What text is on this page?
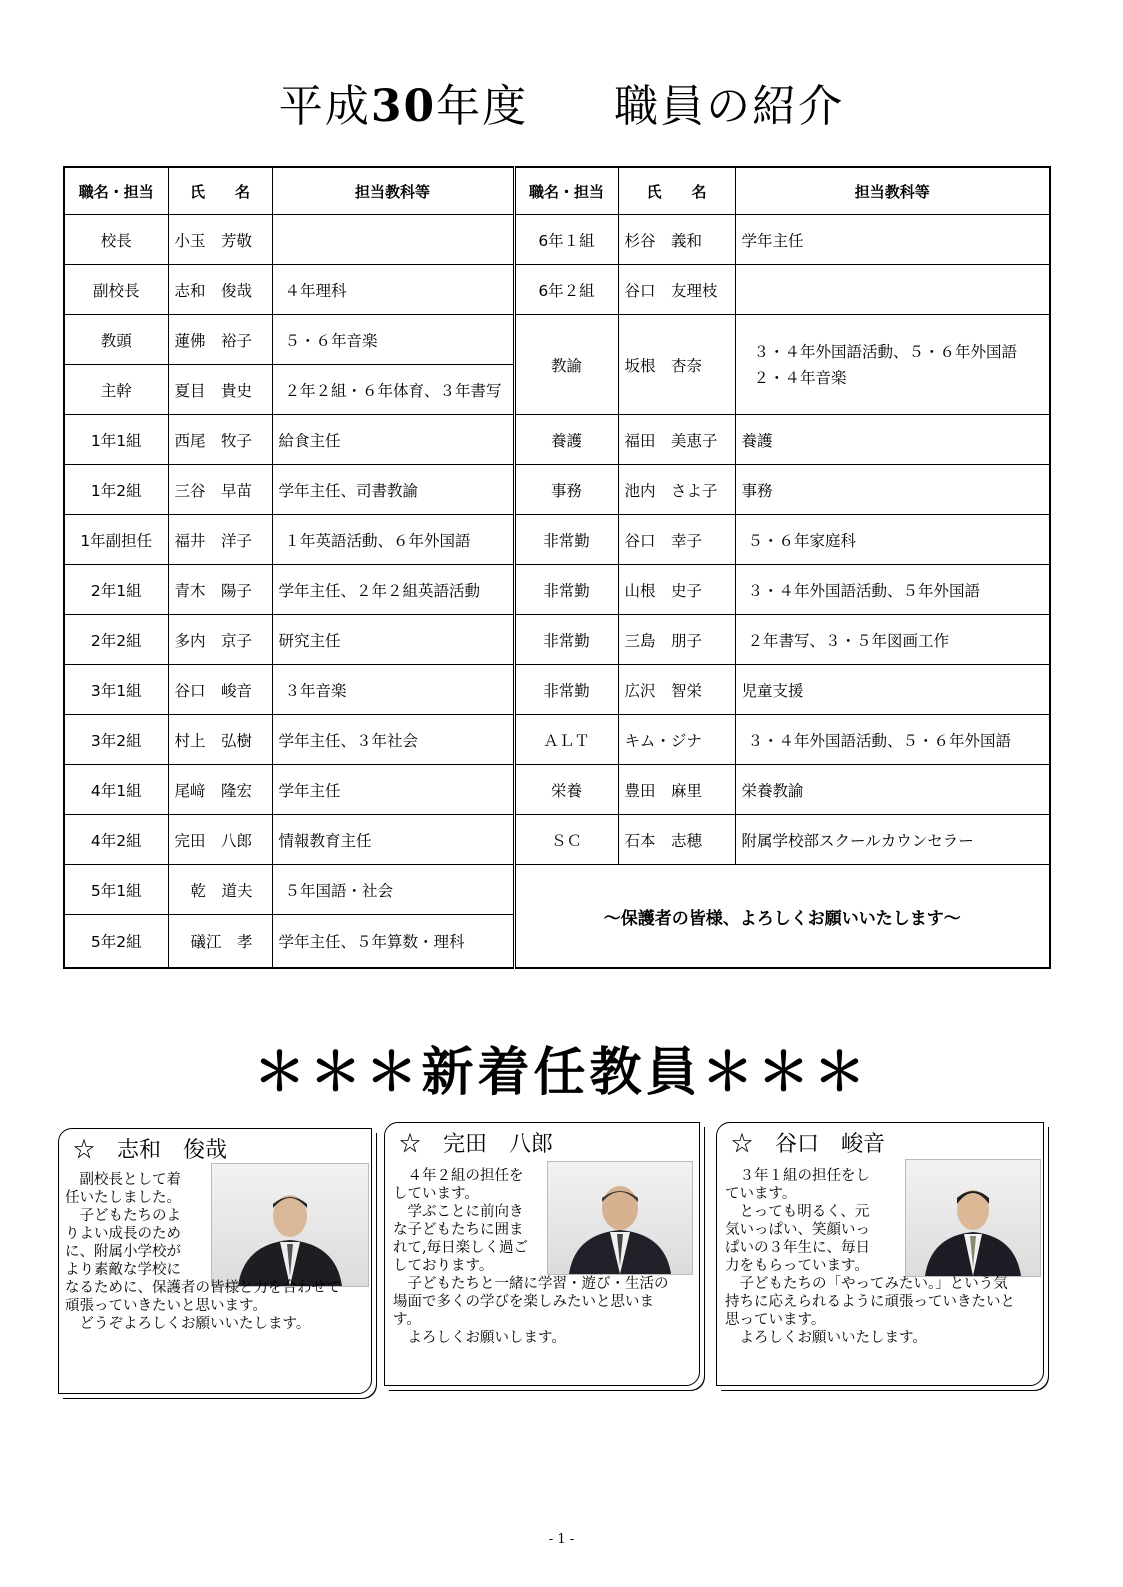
平成30年度 職員の紹介
職名・担当	氏　　名	担当教科等	職名・担当	氏　　名	担当教科等
校長	小玉　芳敬		6年１組	杉谷　義和	学年主任
副校長	志和　俊哉	４年理科	6年２組	谷口　友理枝	
教頭	蓮佛　裕子	５・６年音楽	教諭	坂根　杏奈	３・４年外国語活動、５・６年外国語
２・４年音楽

主幹	夏目　貴史	２年２組・６年体育、３年書写			
1年1組	西尾　牧子	給食主任	養護	福田　美恵子	養護
1年2組	三谷　早苗	学年主任、司書教諭	事務	池内　さよ子	事務
1年副担任	福井　洋子	１年英語活動、６年外国語	非常勤	谷口　幸子	５・６年家庭科
2年1組	青木　陽子	学年主任、２年２組英語活動	非常勤	山根　史子	３・４年外国語活動、５年外国語
2年2組	多内　京子	研究主任	非常勤	三島　朋子	２年書写、３・５年図画工作
3年1組	谷口　峻音	３年音楽	非常勤	広沢　智栄	児童支援
3年2組	村上　弘樹	学年主任、３年社会	ＡＬＴ	キム・ジナ	３・４年外国語活動、５・６年外国語
4年1組	尾﨑　隆宏	学年主任	栄養	豊田　麻里	栄養教諭
4年2組	完田　八郎	情報教育主任	ＳＣ	石本　志穂	附属学校部スクールカウンセラー
5年1組	乾　道夫	５年国語・社会	～保護者の皆様、よろしくお願いいたします～		
5年2組	礒江　孝	学年主任、５年算数・理科			
＊＊＊新着任教員＊＊＊
☆　志和　俊哉

　副校長として着

任いたしました。

　子どもたちのよ

りよい成長のため

に、附属小学校が

より素敵な学校に

なるために、保護者の皆様と力を合わせて

頑張っていきたいと思います。

　どうぞよろしくお願いいたします。

☆　完田　八郎

　４年２組の担任を

しています。

　学ぶことに前向き

な子どもたちに囲ま

れて,毎日楽しく過ご

しております。

　子どもたちと一緒に学習・遊び・生活の

場面で多くの学びを楽しみたいと思いま

す。

　よろしくお願いします。

☆　谷口　峻音

　３年１組の担任をし

ています。

　とっても明るく、元

気いっぱい、笑顔いっ

ぱいの３年生に、毎日

力をもらっています。

　子どもたちの「やってみたい。」という気

持ちに応えられるように頑張っていきたいと

思っています。

　よろしくお願いいたします。

- 1 -
